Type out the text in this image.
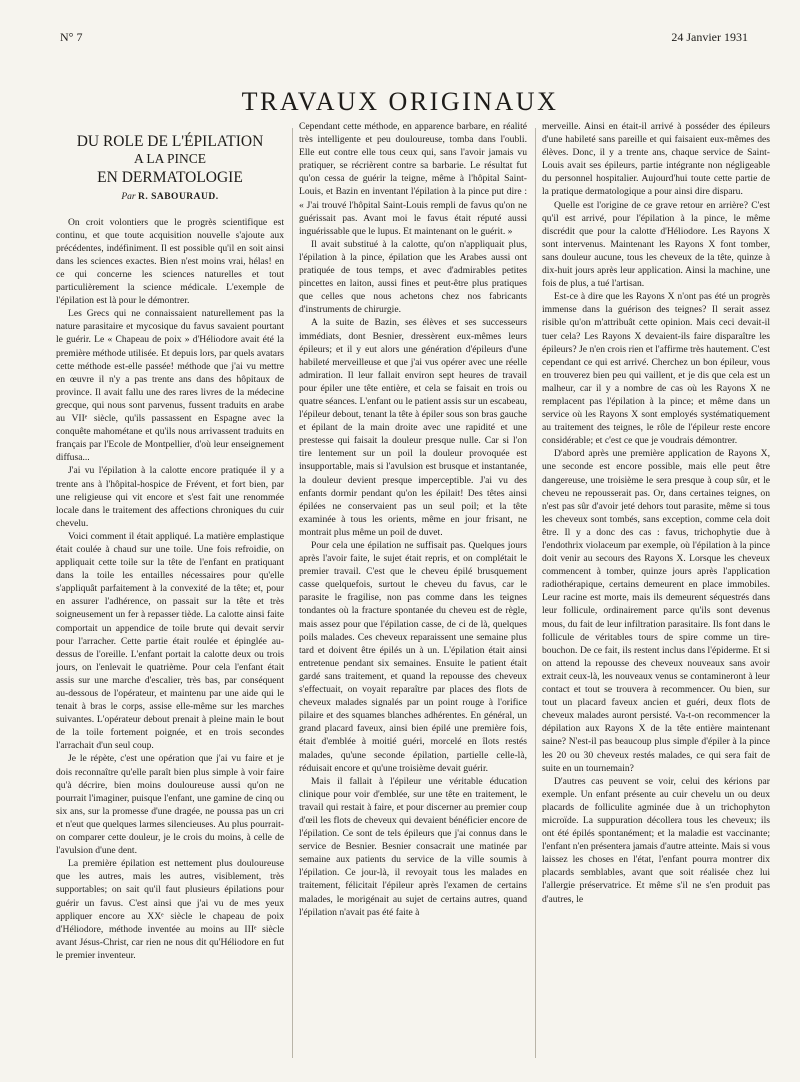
N° 7	24 Janvier 1931
TRAVAUX ORIGINAUX
DU ROLE DE L'ÉPILATION
A LA PINCE
EN DERMATOLOGIE
Par R. SABOURAUD.

On croit volontiers que le progrès scientifique est continu, et que toute acquisition nouvelle s'ajoute aux précédentes, indéfiniment. Il est possible qu'il en soit ainsi dans les sciences exactes. Bien n'est moins vrai, hélas! en ce qui concerne les sciences naturelles et tout particulièrement la science médicale. L'exemple de l'épilation est là pour le démontrer.

Les Grecs qui ne connaissaient naturellement pas la nature parasitaire et mycosique du favus savaient pourtant le guérir. Le « Chapeau de poix » d'Héliodore avait été la première méthode utilisée. Et depuis lors, par quels avatars cette méthode est-elle passée! méthode que j'ai vu mettre en œuvre il n'y a pas trente ans dans des hôpitaux de province. Il avait fallu une des rares livres de la médecine grecque, qui nous sont parvenus, fussent traduits en arabe au VIIᵉ siècle, qu'ils passassent en Espagne avec la conquête mahométane et qu'ils nous arrivassent traduits en français par l'Ecole de Montpellier, d'où leur enseignement diffusa...

J'ai vu l'épilation à la calotte encore pratiquée il y a trente ans à l'hôpital-hospice de Frévent, et fort bien, par une religieuse qui vit encore et s'est fait une renommée locale dans le traitement des affections chroniques du cuir chevelu.

Voici comment il était appliqué. La matière emplastique était coulée à chaud sur une toile. Une fois refroidie, on appliquait cette toile sur la tête de l'enfant en pratiquant dans la toile les entailles nécessaires pour qu'elle s'appliquât parfaitement à la convexité de la tête; et, pour en assurer l'adhérence, on passait sur la tête et très soigneusement un fer à repasser tiède. La calotte ainsi faite comportait un appendice de toile brute qui devait servir pour l'arracher. Cette partie était roulée et épinglée au-dessus de l'oreille. L'enfant portait la calotte deux ou trois jours, on l'enlevait le quatrième. Pour cela l'enfant était assis sur une marche d'escalier, très bas, par conséquent au-dessous de l'opérateur, et maintenu par une aide qui le tenait à bras le corps, assise elle-même sur les marches suivantes. L'opérateur debout prenait à pleine main le bout de la toile fortement poignée, et en trois secondes l'arrachait d'un seul coup.

Je le répète, c'est une opération que j'ai vu faire et je dois reconnaître qu'elle paraît bien plus simple à voir faire qu'à décrire, bien moins douloureuse aussi qu'on ne pourrait l'imaginer, puisque l'enfant, une gamine de cinq ou six ans, sur la promesse d'une dragée, ne poussa pas un cri et n'eut que quelques larmes silencieuses. Au plus pourrait-on comparer cette douleur, je le crois du moins, à celle de l'avulsion d'une dent.

La première épilation est nettement plus douloureuse que les autres, mais les autres, visiblement, très supportables; on sait qu'il faut plusieurs épilations pour guérir un favus. C'est ainsi que j'ai vu de mes yeux appliquer encore au XXᵉ siècle le chapeau de poix d'Héliodore, méthode inventée au moins au IIIᵉ siècle avant Jésus-Christ, car rien ne nous dit qu'Héliodore en fut le premier inventeur.

Cependant cette méthode, en apparence barbare, en réalité très intelligente et peu douloureuse, tomba dans l'oubli. Elle eut contre elle tous ceux qui, sans l'avoir jamais vu pratiquer, se récrièrent contre sa barbarie. Le résultat fut qu'on cessa de guérir la teigne, même à l'hôpital Saint-Louis, et Bazin en inventant l'épilation à la pince put dire : « J'ai trouvé l'hôpital Saint-Louis rempli de favus qu'on ne guérissait pas. Avant moi le favus était réputé aussi inguérissable que le lupus. Et maintenant on le guérit. »

Il avait substitué à la calotte, qu'on n'appliquait plus, l'épilation à la pince, épilation que les Arabes aussi ont pratiquée de tous temps, et avec d'admirables petites pincettes en laiton, aussi fines et peut-être plus pratiques que celles que nous achetons chez nos fabricants d'instruments de chirurgie.

A la suite de Bazin, ses élèves et ses successeurs immédiats, dont Besnier, dressèrent eux-mêmes leurs épileurs; et il y eut alors une génération d'épileurs d'une habileté merveilleuse et que j'ai vus opérer avec une réelle admiration. Il leur fallait environ sept heures de travail pour épiler une tête entière, et cela se faisait en trois ou quatre séances. L'enfant ou le patient assis sur un escabeau, l'épileur debout, tenant la tête à épiler sous son bras gauche et épilant de la main droite avec une rapidité et une prestesse qui faisait la douleur presque nulle. Car si l'on tire lentement sur un poil la douleur provoquée est insupportable, mais si l'avulsion est brusque et instantanée, la douleur devient presque imperceptible. J'ai vu des enfants dormir pendant qu'on les épilait! Des têtes ainsi épilées ne conservaient pas un seul poil; et la tête examinée à tous les orients, même en jour frisant, ne montrait plus même un poil de duvet.

Pour cela une épilation ne suffisait pas. Quelques jours après l'avoir faite, le sujet était repris, et on complétait le premier travail. C'est que le cheveu épilé brusquement casse quelquefois, surtout le cheveu du favus, car le parasite le fragilise, non pas comme dans les teignes tondantes où la fracture spontanée du cheveu est de règle, mais assez pour que l'épilation casse, de ci de là, quelques poils malades. Ces cheveux reparaissent une semaine plus tard et doivent être épilés un à un. L'épilation était ainsi entretenue pendant six semaines. Ensuite le patient était gardé sans traitement, et quand la repousse des cheveux s'effectuait, on voyait reparaître par places des flots de cheveux malades signalés par un point rouge à l'orifice pilaire et des squames blanches adhérentes. En général, un grand placard faveux, ainsi bien épilé une première fois, était d'emblée à moitié guéri, morcelé en îlots restés malades, qu'une seconde épilation, partielle celle-là, réduisait encore et qu'une troisième devait guérir.

Mais il fallait à l'épileur une véritable éducation clinique pour voir d'emblée, sur une tête en traitement, le travail qui restait à faire, et pour discerner au premier coup d'œil les flots de cheveux qui devaient bénéficier encore de l'épilation. Ce sont de tels épileurs que j'ai connus dans le service de Besnier. Besnier consacrait une matinée par semaine aux patients du service de la ville soumis à l'épilation. Ce jour-là, il revoyait tous les malades en traitement, félicitait l'épileur après l'examen de certains malades, le morigénait au sujet de certains autres, quand l'épilation n'avait pas été faite à

merveille. Ainsi en était-il arrivé à posséder des épileurs d'une habileté sans pareille et qui faisaient eux-mêmes des élèves. Donc, il y a trente ans, chaque service de Saint-Louis avait ses épileurs, partie intégrante non négligeable du personnel hospitalier. Aujourd'hui toute cette partie de la pratique dermatologique a pour ainsi dire disparu.

Quelle est l'origine de ce grave retour en arrière? C'est qu'il est arrivé, pour l'épilation à la pince, le même discrédit que pour la calotte d'Héliodore. Les Rayons X sont intervenus. Maintenant les Rayons X font tomber, sans douleur aucune, tous les cheveux de la tête, quinze à dix-huit jours après leur application. Ainsi la machine, une fois de plus, a tué l'artisan.

Est-ce à dire que les Rayons X n'ont pas été un progrès immense dans la guérison des teignes? Il serait assez risible qu'on m'attribuât cette opinion. Mais ceci devait-il tuer cela? Les Rayons X devaient-ils faire disparaître les épileurs? Je n'en crois rien et l'affirme très hautement. C'est cependant ce qui est arrivé. Cherchez un bon épileur, vous en trouverez bien peu qui vaillent, et je dis que cela est un malheur, car il y a nombre de cas où les Rayons X ne remplacent pas l'épilation à la pince; et même dans un service où les Rayons X sont employés systématiquement au traitement des teignes, le rôle de l'épileur reste encore considérable; et c'est ce que je voudrais démontrer.

D'abord après une première application de Rayons X, une seconde est encore possible, mais elle peut être dangereuse, une troisième le sera presque à coup sûr, et le cheveu ne repousserait pas. Or, dans certaines teignes, on n'est pas sûr d'avoir jeté dehors tout parasite, même si tous les cheveux sont tombés, sans exception, comme cela doit être. Il y a donc des cas : favus, trichophytie due à l'endothrix violaceum par exemple, où l'épilation à la pince doit venir au secours des Rayons X. Lorsque les cheveux commencent à tomber, quinze jours après l'application radiothérapique, certains demeurent en place immobiles. Leur racine est morte, mais ils demeurent séquestrés dans leur follicule, ordinairement parce qu'ils sont devenus mous, du fait de leur infiltration parasitaire. Ils font dans le follicule de véritables tours de spire comme un tire-bouchon. De ce fait, ils restent inclus dans l'épiderme. Et si on attend la repousse des cheveux nouveaux sans avoir extrait ceux-là, les nouveaux venus se contamineront à leur contact et tout se trouvera à recommencer. Ou bien, sur tout un placard faveux ancien et guéri, deux flots de cheveux malades auront persisté. Va-t-on recommencer la dépilation aux Rayons X de la tête entière maintenant saine? N'est-il pas beaucoup plus simple d'épiler à la pince les 20 ou 30 cheveux restés malades, ce qui sera fait de suite en un tournemain?

D'autres cas peuvent se voir, celui des kérions par exemple. Un enfant présente au cuir chevelu un ou deux placards de folliculite agminée due à un trichophyton microïde. La suppuration décollera tous les cheveux; ils ont été épilés spontanément; et la maladie est vaccinante; l'enfant n'en présentera jamais d'autre atteinte. Mais si vous laissez les choses en l'état, l'enfant pourra montrer dix placards semblables, avant que soit réalisée chez lui l'allergie préservatrice. Et même s'il ne s'en produit pas d'autres, le
